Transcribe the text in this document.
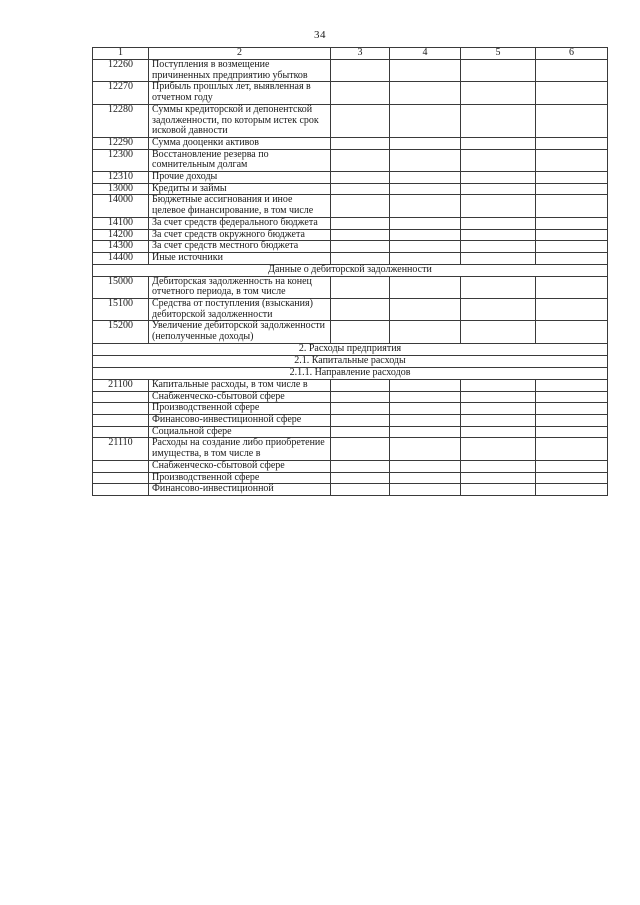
34
1	2	3	4	5	6
12260	Поступления в возмещение причиненных предприятию убытков				
12270	Прибыль прошлых лет, выявленная в отчетном году				
12280	Суммы кредиторской и депонентской задолженности, по которым истек срок исковой давности				
12290	Сумма дооценки активов				
12300	Восстановление резерва по сомнительным долгам				
12310	Прочие доходы				
13000	Кредиты и займы				
14000	Бюджетные ассигнования и иное целевое финансирование, в том числе				
14100	За счет средств федерального бюджета				
14200	За счет средств окружного бюджета				
14300	За счет средств местного бюджета				
14400	Иные источники				
Данные о дебиторской задолженности					
15000	Дебиторская задолженность на конец отчетного периода, в том числе				
15100	Средства от поступления (взыскания) дебиторской задолженности				
15200	Увеличение дебиторской задолженности (неполученные доходы)				
2. Расходы предприятия					
2.1. Капитальные расходы					
2.1.1. Направление расходов					
21100	Капитальные расходы, в том числе в				
	Снабженческо-сбытовой сфере				
	Производственной сфере				
	Финансово-инвестиционной сфере				
	Социальной сфере				
21110	Расходы на создание либо приобретение имущества, в том числе в				
	Снабженческо-сбытовой сфере				
	Производственной сфере				
	Финансово-инвестиционной				
